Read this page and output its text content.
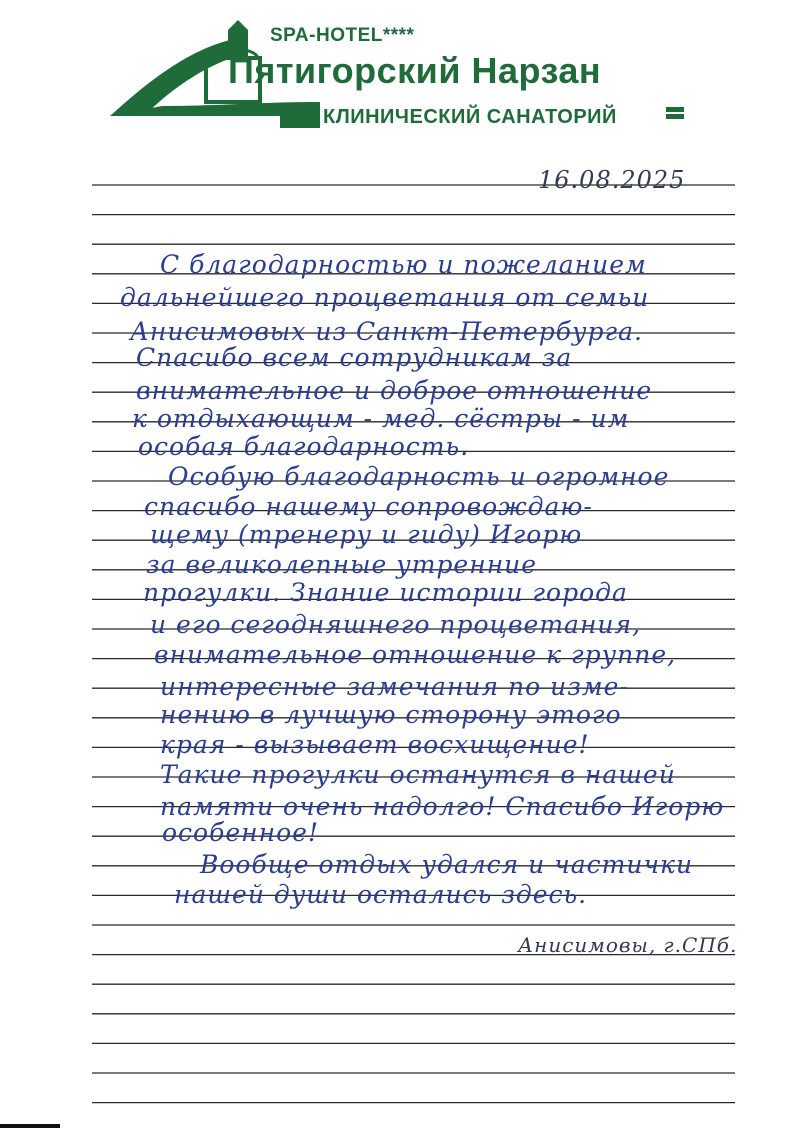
SPA-HOTEL****
Пятигорский Нарзан
КЛИНИЧЕСКИЙ САНАТОРИЙ
16.08.2025
С благодарностью и пожеланием
дальнейшего процветания от семьи
Анисимовых из Санкт-Петербурга.
Спасибо всем сотрудникам за
внимательное и доброе отношение
к отдыхающим - мед. сёстры - им
особая благодарность.
Особую благодарность и огромное
спасибо нашему сопровождаю-
щему (тренеру и гиду) Игорю
за великолепные утренние
прогулки. Знание истории города
и его сегодняшнего процветания,
внимательное отношение к группе,
интересные замечания по изме-
нению в лучшую сторону этого
края - вызывает восхищение!
Такие прогулки останутся в нашей
памяти очень надолго! Спасибо Игорю
особенное!
Вообще отдых удался и частички
нашей души остались здесь.
Анисимовы, г.СПб.
